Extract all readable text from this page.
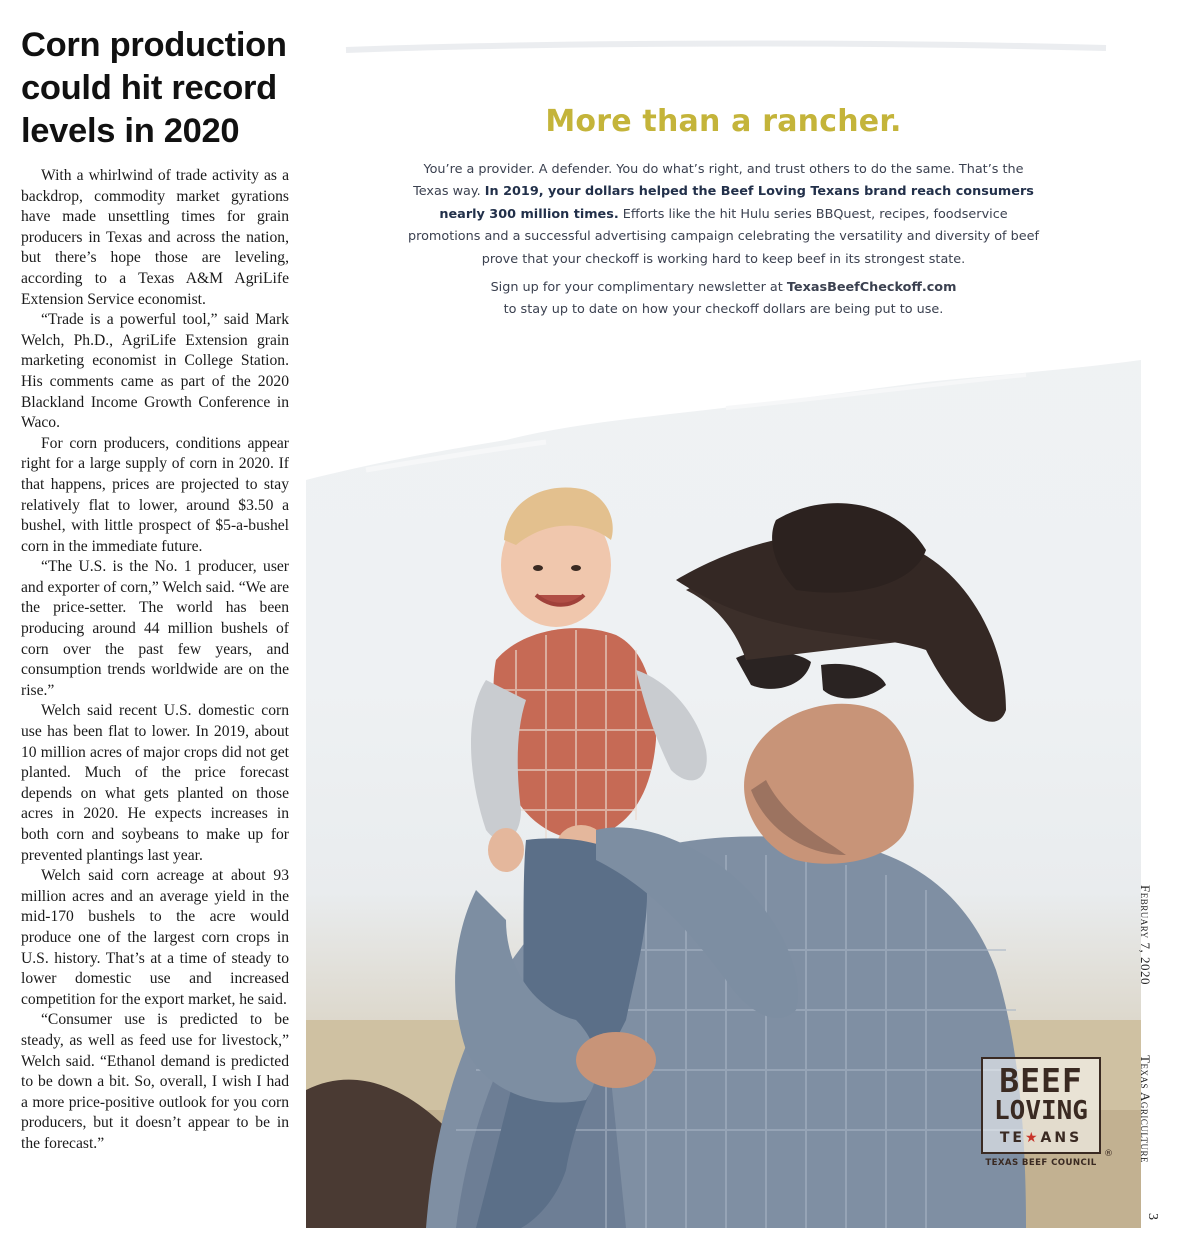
Corn production could hit record levels in 2020

With a whirlwind of trade activity as a backdrop, commodity market gyrations have made unsettling times for grain producers in Texas and across the nation, but there’s hope those are leveling, according to a Texas A&M AgriLife Extension Service economist.

“Trade is a powerful tool,” said Mark Welch, Ph.D., AgriLife Extension grain marketing economist in College Station. His comments came as part of the 2020 Blackland Income Growth Conference in Waco.

For corn producers, conditions appear right for a large supply of corn in 2020. If that happens, prices are projected to stay relatively flat to lower, around $3.50 a bushel, with little prospect of $5-a-bushel corn in the immediate future.

“The U.S. is the No. 1 producer, user and exporter of corn,” Welch said. “We are the price-setter. The world has been producing around 44 million bushels of corn over the past few years, and consumption trends worldwide are on the rise.”

Welch said recent U.S. domestic corn use has been flat to lower. In 2019, about 10 million acres of major crops did not get planted. Much of the price forecast depends on what gets planted on those acres in 2020. He expects increases in both corn and soybeans to make up for prevented plantings last year.

Welch said corn acreage at about 93 million acres and an average yield in the mid-170 bushels to the acre would produce one of the largest corn crops in U.S. history. That’s at a time of steady to lower domestic use and increased competition for the export market, he said.

“Consumer use is predicted to be steady, as well as feed use for livestock,” Welch said. “Ethanol demand is predicted to be down a bit. So, overall, I wish I had a more price-positive outlook for you corn producers, but it doesn’t appear to be in the forecast.”

More than a rancher.
You’re a provider. A defender. You do what’s right, and trust others to do the same. That’s the Texas way. In 2019, your dollars helped the Beef Loving Texans brand reach consumers nearly 300 million times. Efforts like the hit Hulu series BBQuest, recipes, foodservice promotions and a successful advertising campaign celebrating the versatility and diversity of beef prove that your checkoff is working hard to keep beef in its strongest state.
Sign up for your complimentary newsletter at TexasBeefCheckoff.com
to stay up to date on how your checkoff dollars are being put to use.
BEEF
LOVING
TE★ANS
®
TEXAS BEEF COUNCIL
February 7, 2020
Texas Agriculture
3
